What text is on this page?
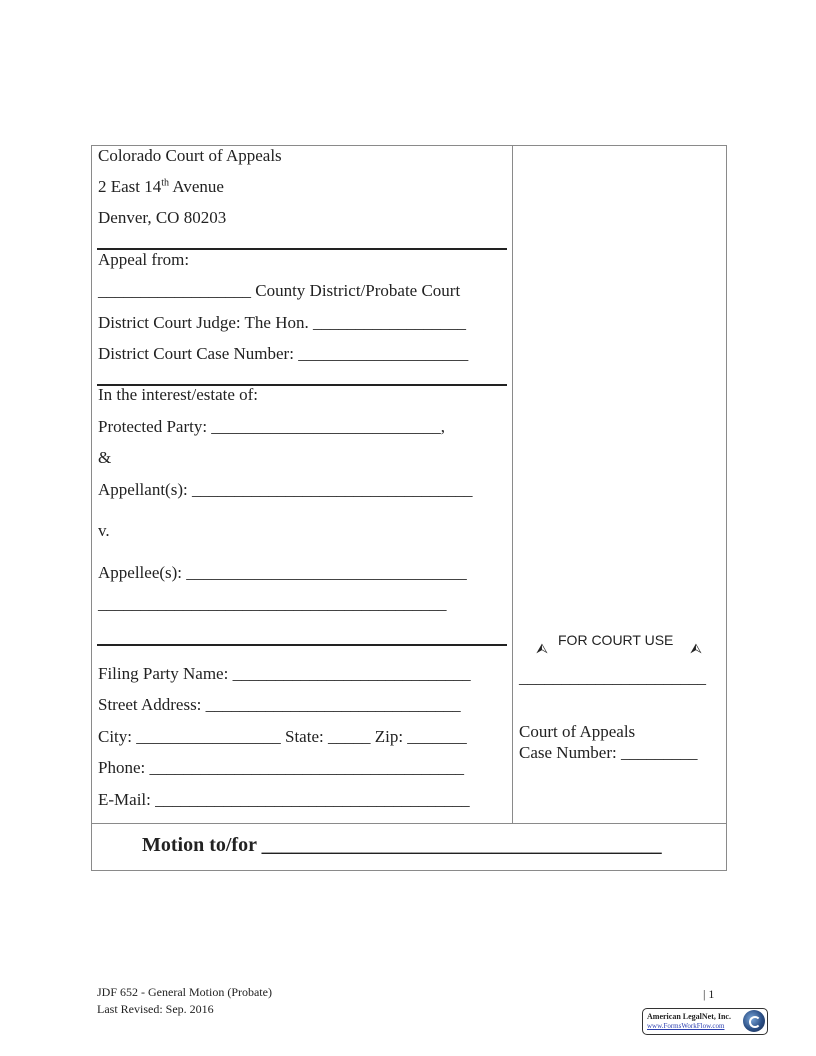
Colorado Court of Appeals
2 East 14th Avenue
Denver, CO 80203
Appeal from:
__________________ County District/Probate Court
District Court Judge: The Hon. __________________
District Court Case Number: ____________________
In the interest/estate of:
Protected Party: ___________________________,
&
Appellant(s): _________________________________
v.
Appellee(s): _________________________________
_________________________________________
Filing Party Name: ____________________________
Street Address: ______________________________
City: _________________ State: _____ Zip: _______
Phone: _____________________________________
E-Mail: _____________________________________
⮙
FOR COURT USE
⮙
______________________
Court of Appeals
Case Number: _________
Motion to/for ________________________________________
JDF 652 - General Motion (Probate)
Last Revised: Sep. 2016
| 1
American LegalNet, Inc.
www.FormsWorkFlow.com
